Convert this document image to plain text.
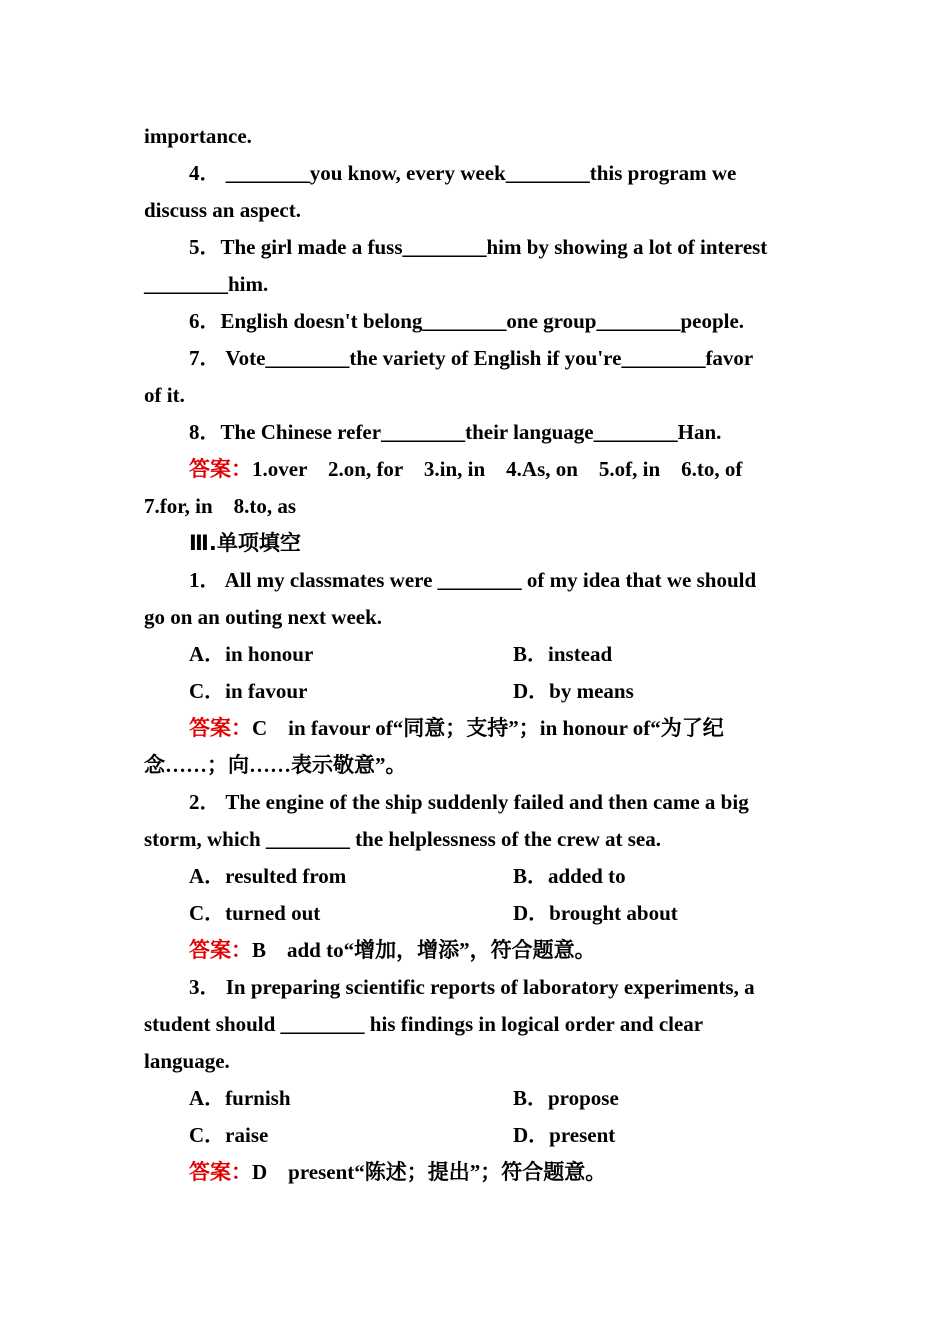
importance.

4． ________you know, every week________this program we

discuss an aspect.

5．The girl made a fuss________him by showing a lot of interest

________him.

6．English doesn't belong________one group________people.

7． Vote________the variety of English if you're________favor

of it.

8．The Chinese refer________their language________Han.

答案：1.over　2.on, for　3.in, in　4.As, on　5.of, in　6.to, of

7.for, in　8.to, as

Ⅲ.单项填空

1． All my classmates were ________ of my idea that we should

go on an outing next week.

A．in honour	B．instead
C．in favour	D．by means

答案：C　in favour of“同意；支持”；in honour of“为了纪

念……；向……表示敬意”。

2． The engine of the ship suddenly failed and then came a big

storm, which ________ the helplessness of the crew at sea.

A．resulted from	B．added to
C．turned out	D．brought about

答案：B　add to“增加，增添”，符合题意。

3． In preparing scientific reports of laboratory experiments, a

student should ________ his findings in logical order and clear

language.

A．furnish	B．propose
C．raise	D．present

答案：D　present“陈述；提出”；符合题意。
